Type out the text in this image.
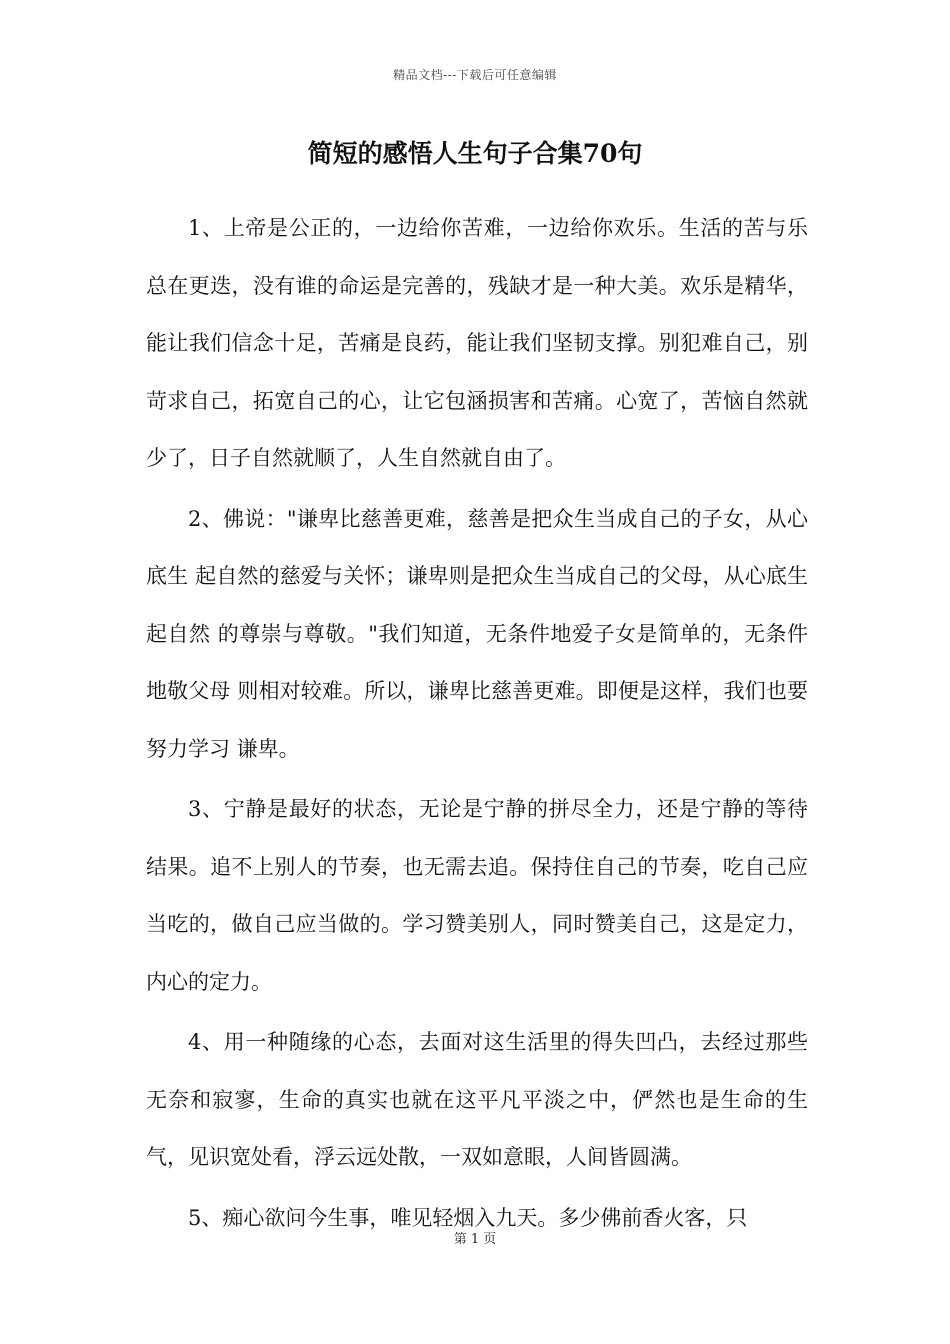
精品文档---下载后可任意编辑
简短的感悟人生句子合集70句

1、上帝是公正的，一边给你苦难，一边给你欢乐。生活的苦与乐总在更迭，没有谁的命运是完善的，残缺才是一种大美。欢乐是精华，能让我们信念十足，苦痛是良药，能让我们坚韧支撑。别犯难自己，别苛求自己，拓宽自己的心，让它包涵损害和苦痛。心宽了，苦恼自然就少了，日子自然就顺了，人生自然就自由了。

2、佛说："谦卑比慈善更难，慈善是把众生当成自己的子女，从心底生 起自然的慈爱与关怀；谦卑则是把众生当成自己的父母，从心底生起自然 的尊崇与尊敬。"我们知道，无条件地爱子女是简单的，无条件地敬父母 则相对较难。所以，谦卑比慈善更难。即便是这样，我们也要努力学习 谦卑。

3、宁静是最好的状态，无论是宁静的拼尽全力，还是宁静的等待结果。追不上别人的节奏，也无需去追。保持住自己的节奏，吃自己应当吃的，做自己应当做的。学习赞美别人，同时赞美自己，这是定力，内心的定力。

4、用一种随缘的心态，去面对这生活里的得失凹凸，去经过那些无奈和寂寥，生命的真实也就在这平凡平淡之中，俨然也是生命的生气，见识宽处看，浮云远处散，一双如意眼，人间皆圆满。

5、痴心欲问今生事，唯见轻烟入九天。多少佛前香火客，只

第 1 页
